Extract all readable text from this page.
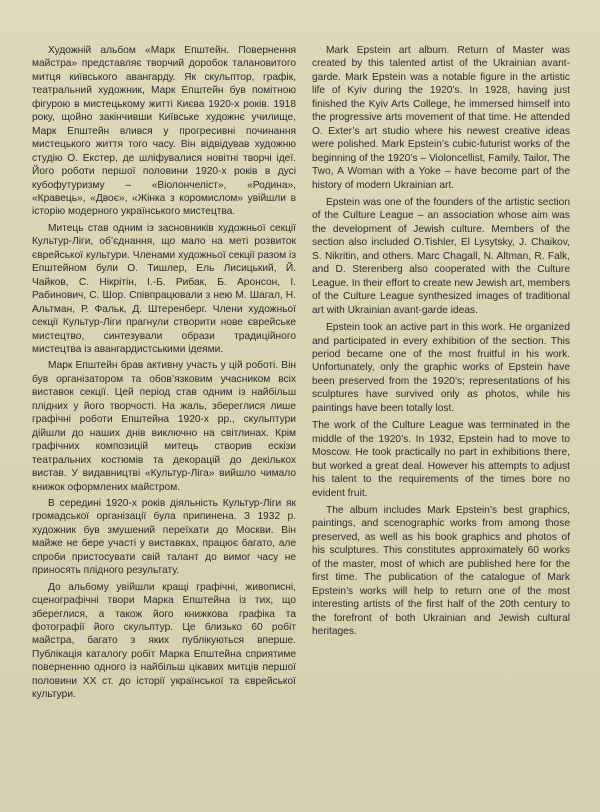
Художній альбом «Марк Епштейн. Повернення майстра» представляє творчий доробок талановитого митця київського авангарду. Як скульптор, графік, театральний художник, Марк Епштейн був помітною фігурою в мистецькому житті Києва 1920-х років. 1918 року, щойно закінчивши Київське художнє училище, Марк Епштейн влився у прогресивні починання мистецького життя того часу. Він відвідував художню студію О. Екстер, де шліфувалися новітні творчі ідеї. Його роботи першої половини 1920-х років в дусі кубофутуризму – «Віолончеліст», «Родина», «Кравець», «Двоє», «Жінка з коромислом» увійшли в історію модерного українського мистецтва.

Митець став одним із засновників художньої секції Культур-Ліги, об’єднання, що мало на меті розвиток єврейської культури. Членами художньої секції разом із Епштейном були О. Тишлер, Ель Лисицький, Й. Чайков, С. Нікрітін, І.-Б. Рибак, Б. Аронсон, І. Рабинович, С. Шор. Співпрацювали з нею М. Шагал, Н. Альтман, Р. Фальк, Д. Штеренберг. Члени художньої секції Культур-Ліги прагнули створити нове єврейське мистецтво, синтезували образи традиційного мистецтва із авангардистськими ідеями.

Марк Епштейн брав активну участь у цій роботі. Він був організатором та обов’язковим учасником всіх виставок секції. Цей період став одним із найбільш плідних у його творчості. На жаль, збереглися лише графічні роботи Епштейна 1920-х рр., скульптури дійшли до наших днів виключно на світлинах. Крім графічних композицій митець створив ескізи театральних костюмів та декорацій до декількох вистав. У видавництві «Культур-Ліга» вийшло чимало книжок оформлених майстром.

В середині 1920-х років діяльність Культур-Ліги як громадської організації була припинена. З 1932 р. художник був змушений переїхати до Москви. Він майже не бере участі у виставках, працює багато, але спроби пристосувати свій талант до вимог часу не приносять плідного результату.

До альбому увійшли кращі графічні, живописні, сценографічні твори Марка Епштейна із тих, що збереглися, а також його книжкова графіка та фотографії його скульптур. Це близько 60 робіт майстра, багато з яких публікуються вперше. Публікація каталогу робіт Марка Епштейна сприятиме поверненню одного із найбільш цікавих митців першої половини XX ст. до історії української та єврейської культури.

Mark Epstein art album. Return of Master was created by this talented artist of the Ukrainian avant-garde. Mark Epstein was a notable figure in the artistic life of Kyiv during the 1920’s. In 1928, having just finished the Kyiv Arts College, he immersed himself into the progressive arts movement of that time. He attended O. Exter’s art studio where his newest creative ideas were polished. Mark Epstein’s cubic-futurist works of the beginning of the 1920’s – Violoncellist, Family, Tailor, The Two, A Woman with a Yoke – have become part of the history of modern Ukrainian art.

Epstein was one of the founders of the artistic section of the Culture League – an association whose aim was the development of Jewish culture. Members of the section also included O.Tishler, El Lysytsky, J. Chaikov, S. Nikritin, and others. Marc Chagall, N. Altman, R. Falk, and D. Sterenberg also cooperated with the Culture League. In their effort to create new Jewish art, members of the Culture League synthesized images of traditional art with Ukrainian avant-garde ideas.

Epstein took an active part in this work. He organized and participated in every exhibition of the section. This period became one of the most fruitful in his work. Unfortunately, only the graphic works of Epstein have been preserved from the 1920’s; representations of his sculptures have survived only as photos, while his paintings have been totally lost.

The work of the Culture League was terminated in the middle of the 1920’s. In 1932, Epstein had to move to Moscow. He took practically no part in exhibitions there, but worked a great deal. However his attempts to adjust his talent to the requirements of the times bore no evident fruit.

The album includes Mark Epstein’s best graphics, paintings, and scenographic works from among those preserved, as well as his book graphics and photos of his sculptures. This constitutes approximately 60 works of the master, most of which are published here for the first time. The publication of the catalogue of Mark Epstein’s works will help to return one of the most interesting artists of the first half of the 20th century to the forefront of both Ukrainian and Jewish cultural heritages.
